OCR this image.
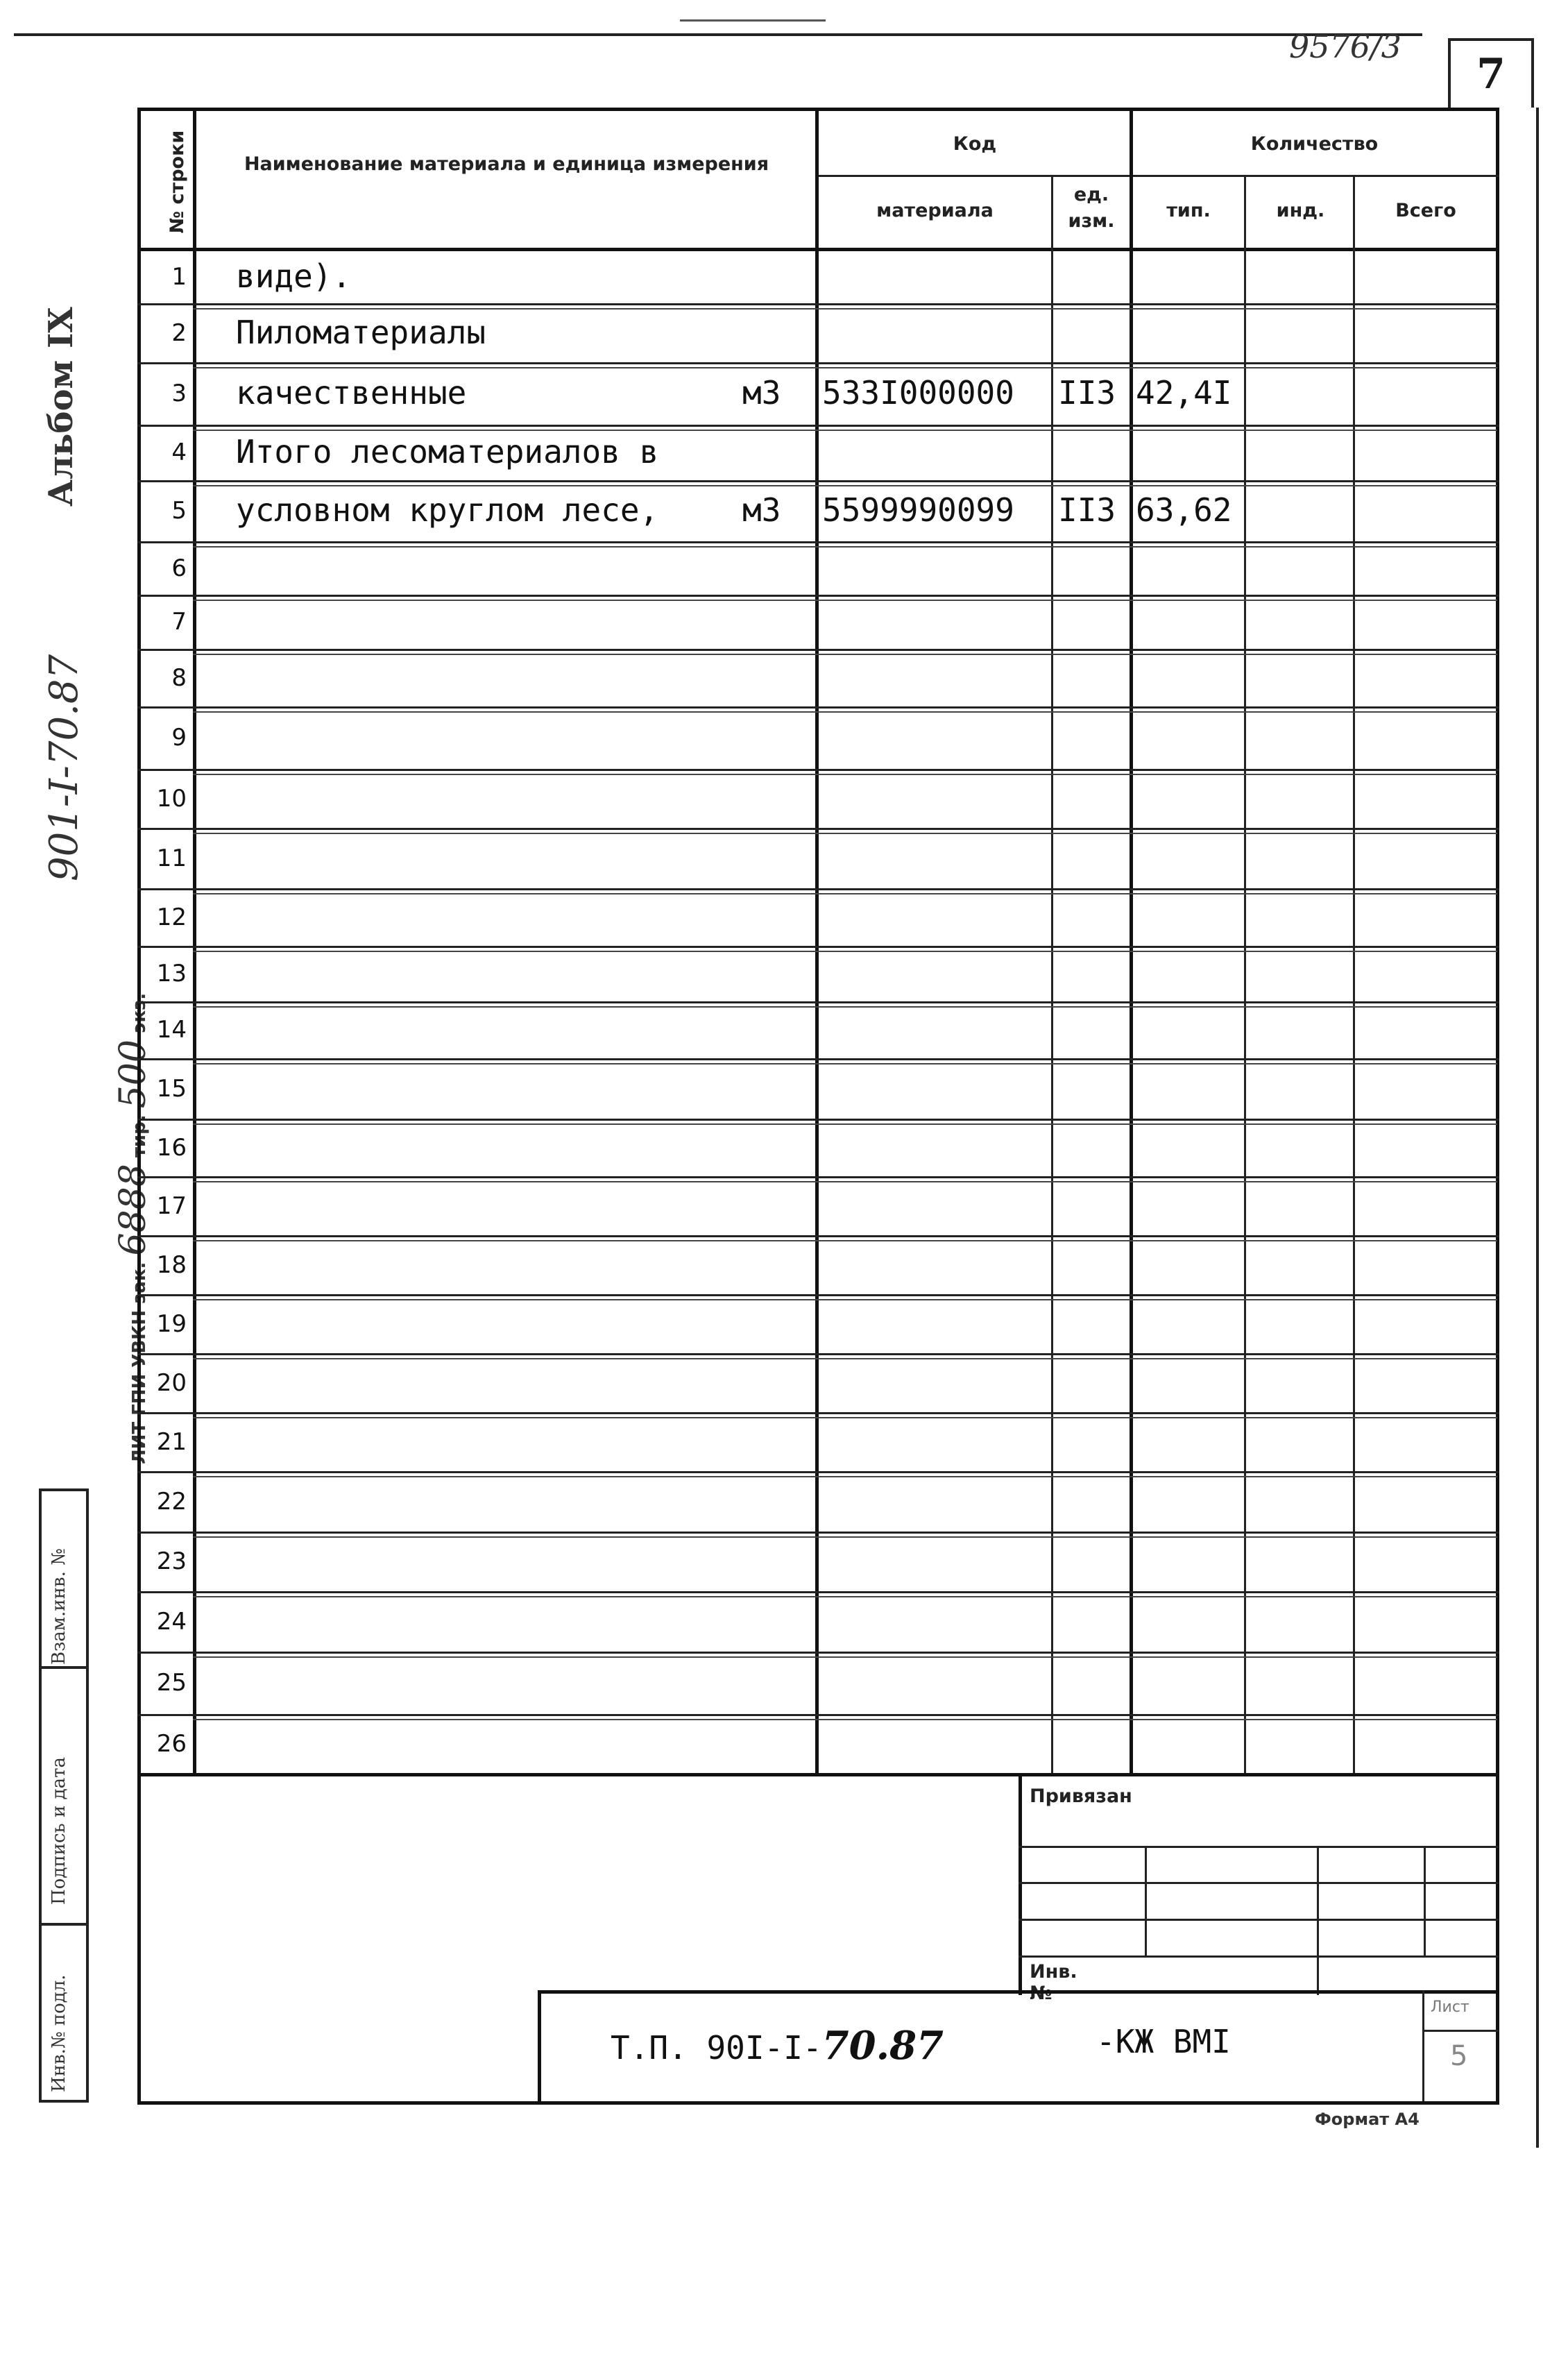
9576/3
7
Альбом IX
901-I-70.87
ЛИТ ГПИ УВКН зак. 6888 тир. 500 экз.
Взам.инв. №
Подпись и дата
Инв.№ подл.
№ строки	Наименование материала и единица измерения
Код
материала
ед. изм.
Количество
тип.	инд.	Всего
1 виде).
2 Пиломатериалы
3 качественные	м3 533I000000 II3 42,4I
4 Итого лесоматериалов в
5 условном круглом лесе,	м3 5599990099 II3 63,62
6
7
8
9
10
11
12
13
14
15
16
17
18
19
20
21
22
23
24
25
26
Привязан
Инв. №
Т.П. 90I-I-70.87	-КЖ ВМI
Лист
5
Формат А4
